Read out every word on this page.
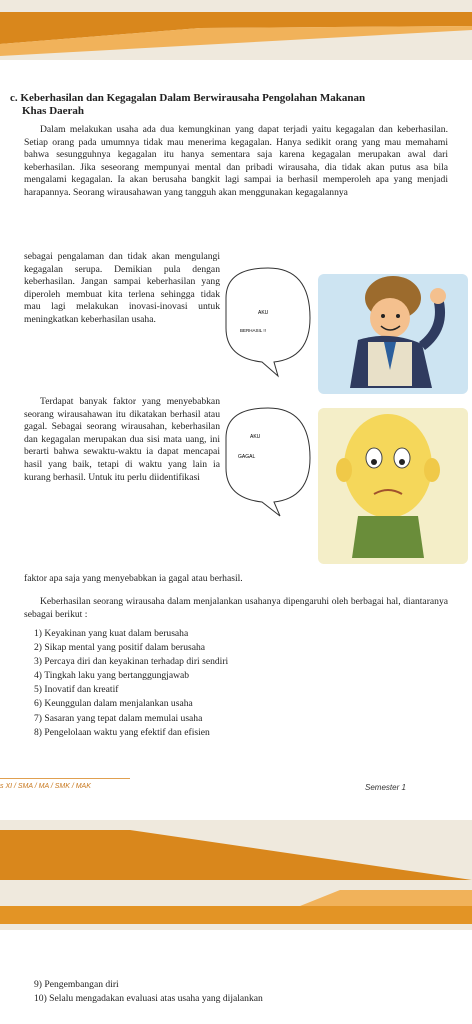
c. Keberhasilan dan Kegagalan Dalam Berwirausaha Pengolahan Makanan
Khas Daerah
Dalam melakukan usaha ada dua kemungkinan yang dapat terjadi yaitu kegagalan dan keberhasilan. Setiap orang pada umumnya tidak mau menerima kegagalan. Hanya sedikit orang yang mau memahami bahwa sesungguhnya kegagalan itu hanya sementara saja karena kegagalan merupakan awal dari keberhasilan. Jika seseorang mempunyai mental dan pribadi wirausaha, dia tidak akan putus asa bila mengalami kegagalan. Ia akan berusaha bangkit lagi sampai ia berhasil memperoleh apa yang menjadi harapannya. Seorang wirausahawan yang tangguh akan menggunakan kegagalannya
sebagai pengalaman dan tidak akan mengulangi kegagalan serupa. Demikian pula dengan keberhasilan. Jangan sampai keberhasilan yang diperoleh membuat kita terlena sehingga tidak mau lagi melakukan inovasi-inovasi untuk meningkatkan keberhasilan usaha.
Terdapat banyak faktor yang menyebabkan seorang wirausahawan itu dikatakan berhasil atau gagal. Sebagai seorang wirausahan, keberhasilan dan kegagalan merupakan dua sisi mata uang, ini berarti bahwa sewaktu-waktu ia dapat mencapai hasil yang baik, tetapi di waktu yang lain ia kurang berhasil. Untuk itu perlu diidentifikasi
faktor apa saja yang menyebabkan ia gagal atau berhasil.
Keberhasilan seorang wirausaha dalam menjalankan usahanya dipengaruhi oleh berbagai hal, diantaranya sebagai berikut :
1) Keyakinan yang kuat dalam berusaha
2) Sikap mental yang positif dalam berusaha
3) Percaya diri dan keyakinan terhadap diri sendiri
4) Tingkah laku yang bertanggungjawab
5) Inovatif dan kreatif
6) Keunggulan dalam menjalankan usaha
7) Sasaran yang tepat dalam memulai usaha
8) Pengelolaan waktu yang efektif dan efisien
AKU
BERHASIL !!
AKU
GAGAL
s XI / SMA / MA / SMK / MAK	Semester 1
9) Pengembangan diri
10) Selalu mengadakan evaluasi atas usaha yang dijalankan
